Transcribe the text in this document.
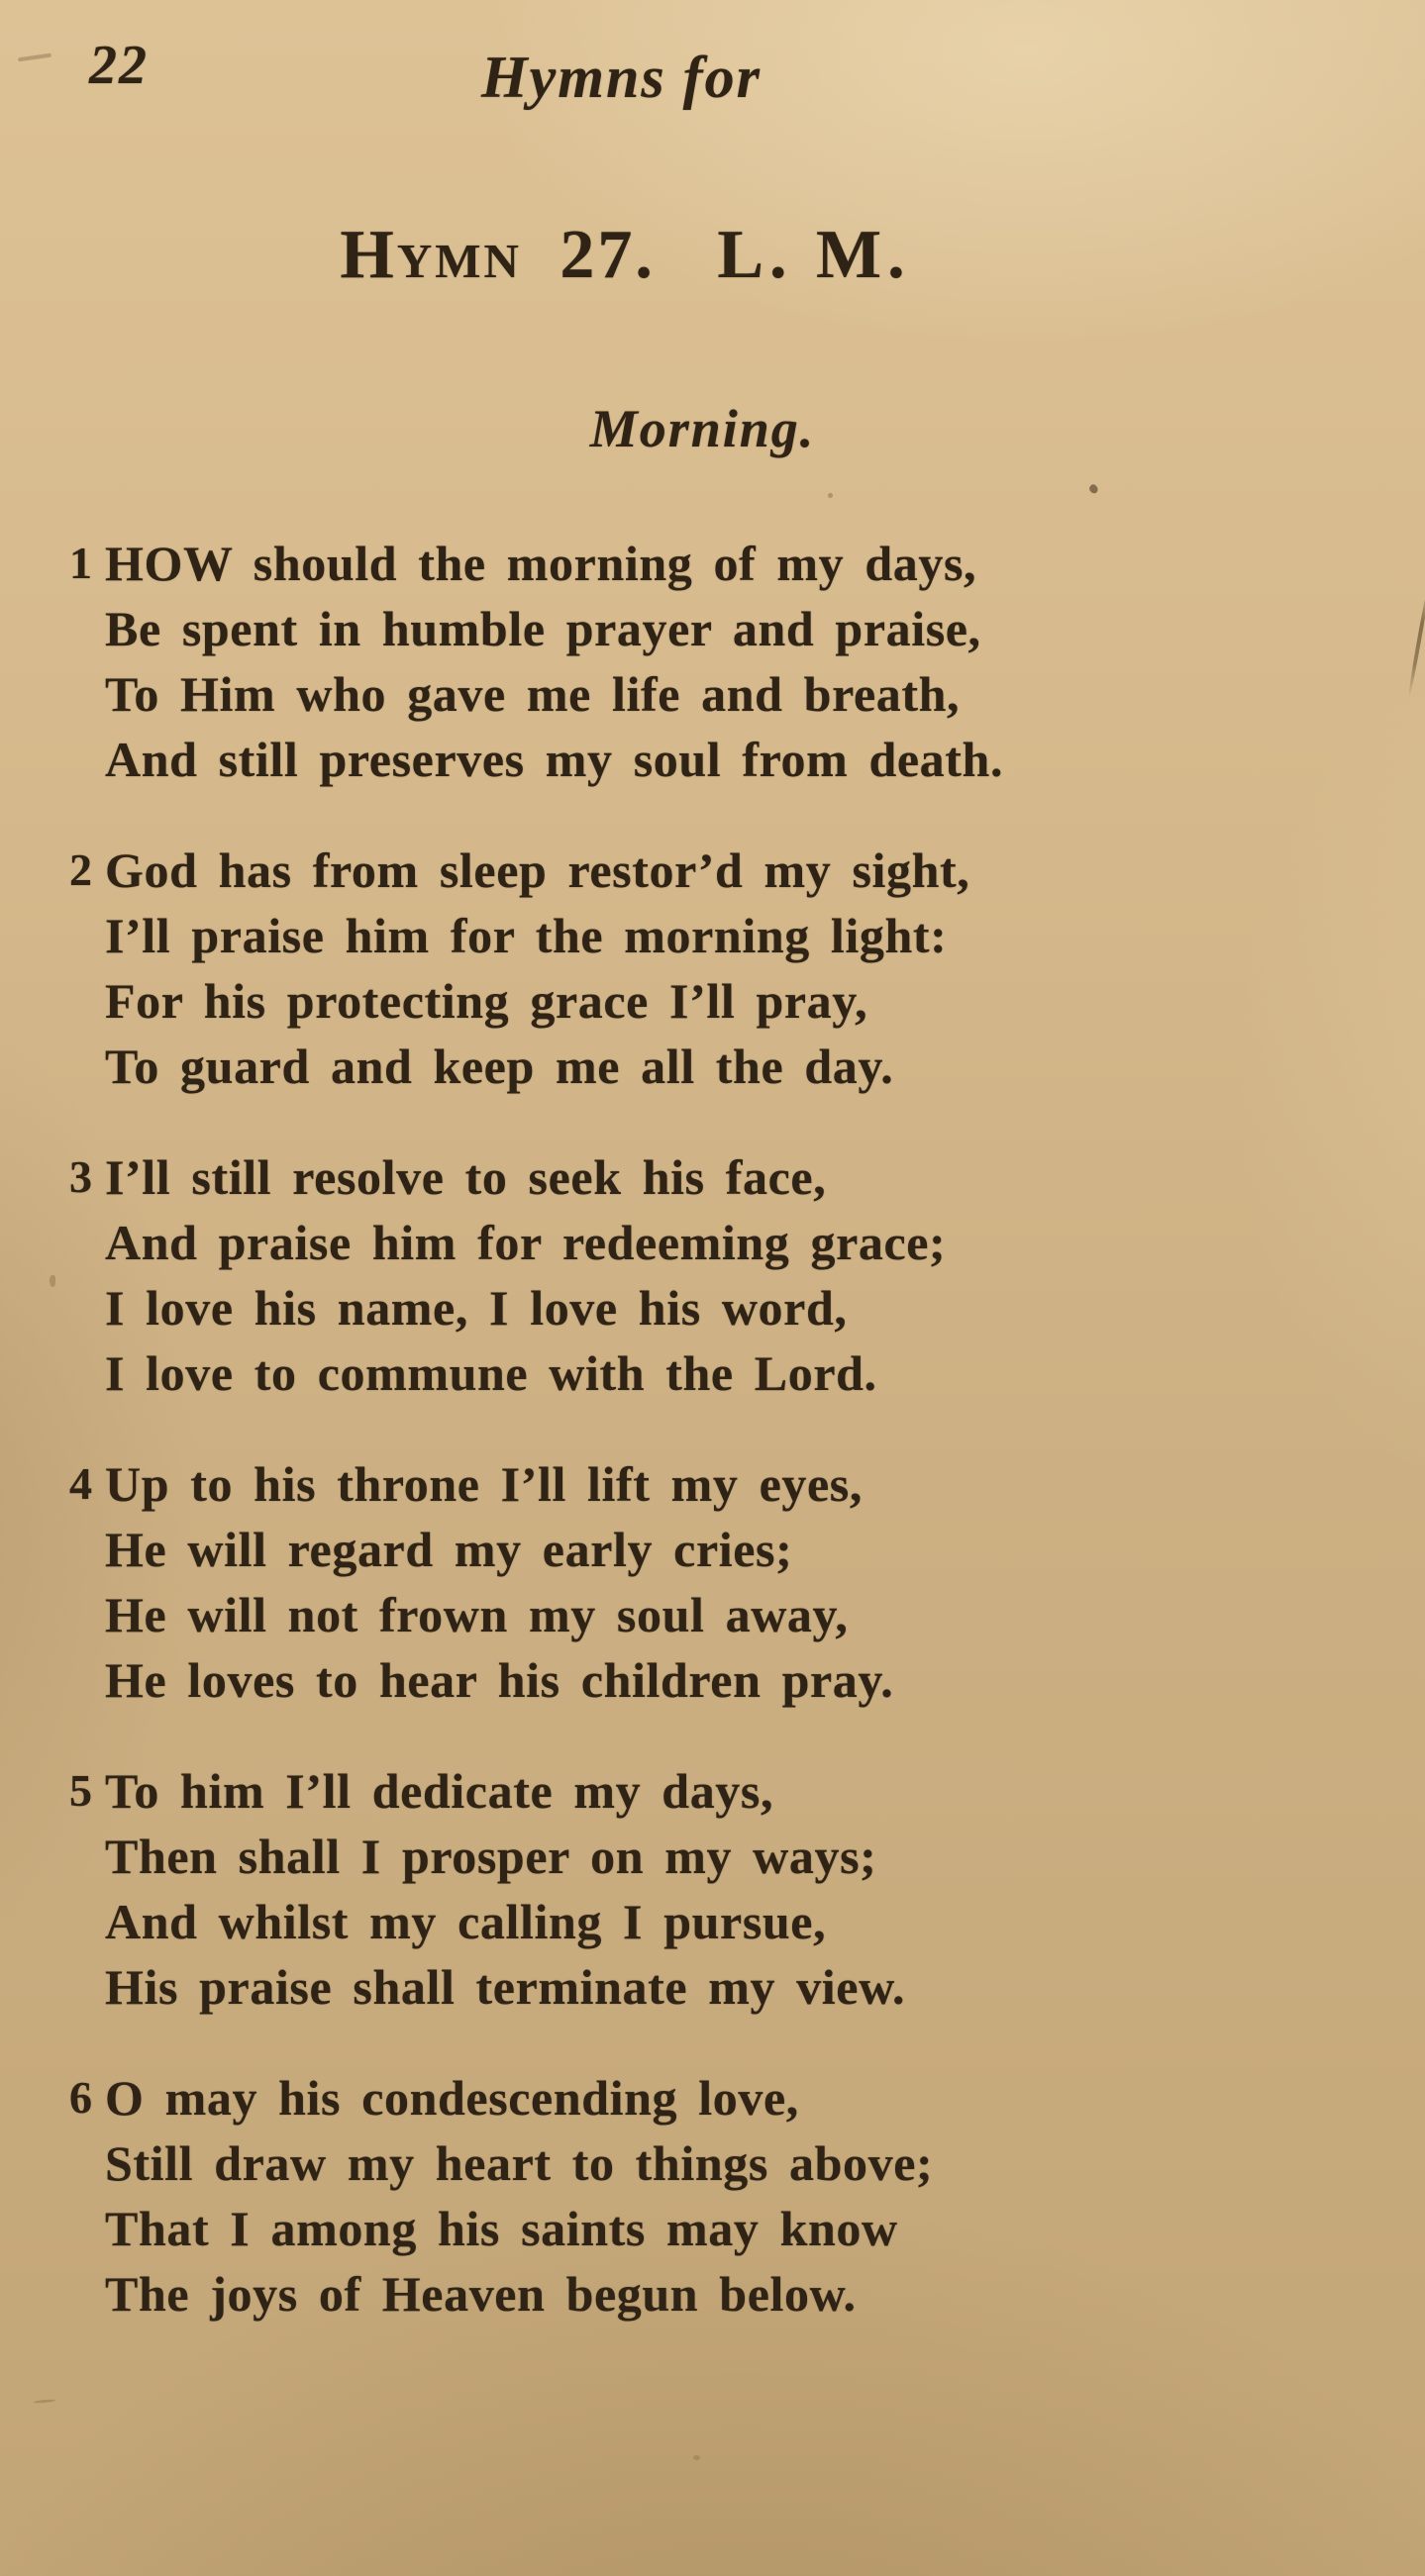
22	Hymns for
Hymn 27. L. M.
Morning.
1 HOW should the morning of my days,
Be spent in humble prayer and praise,
To Him who gave me life and breath,
And still preserves my soul from death.
2 God has from sleep restor’d my sight,
I’ll praise him for the morning light:
For his protecting grace I’ll pray,
To guard and keep me all the day.
3 I’ll still resolve to seek his face,
And praise him for redeeming grace;
I love his name, I love his word,
I love to commune with the Lord.
4 Up to his throne I’ll lift my eyes,
He will regard my early cries;
He will not frown my soul away,
He loves to hear his children pray.
5 To him I’ll dedicate my days,
Then shall I prosper on my ways;
And whilst my calling I pursue,
His praise shall terminate my view.
6 O may his condescending love,
Still draw my heart to things above;
That I among his saints may know
The joys of Heaven begun below.
